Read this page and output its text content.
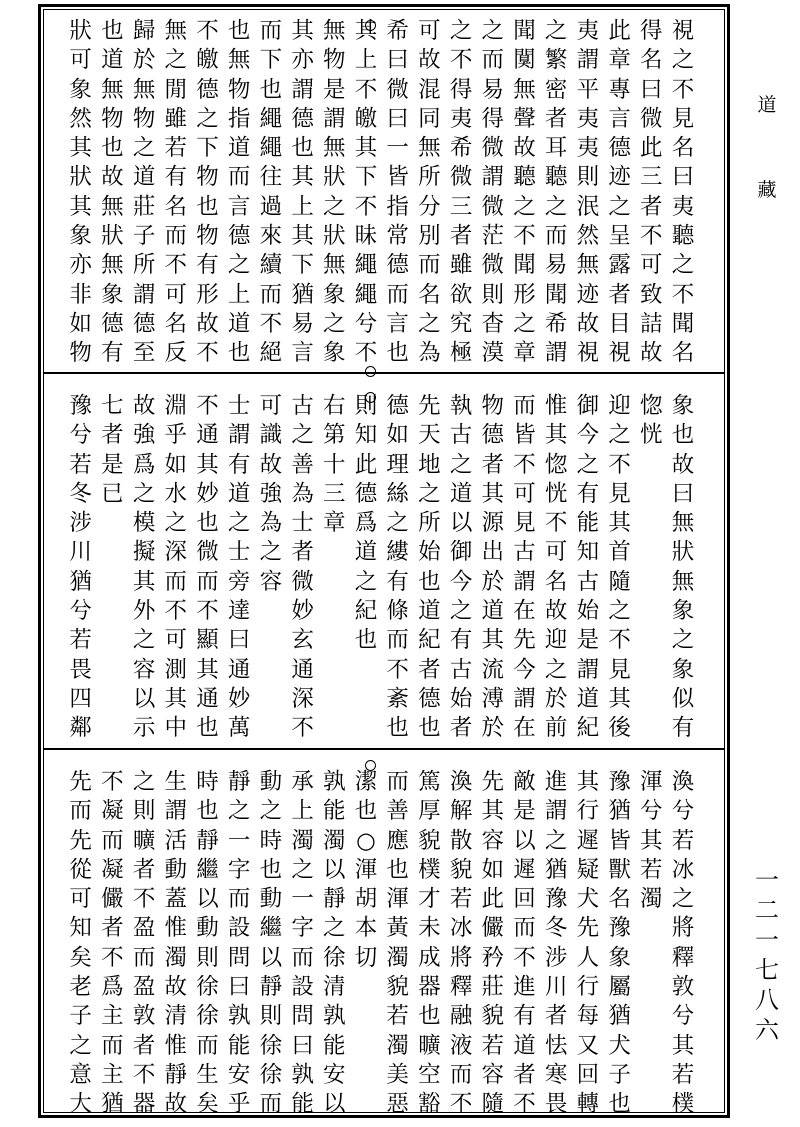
道
藏
一
二
一
七
八
六
視
之
不
見
名
曰
夷
聽
之
不
聞
名
得
名
曰
微
此
三
者
不
可
致
詰
故
此
章
專
言
德
迹
之
呈
露
者
目
視
夷
謂
平
夷
夷
則
泯
然
無
迹
故
視
之
繁
密
者
耳
聽
之
而
易
聞
希
謂
聞
闃
無
聲
故
聽
之
不
聞
形
之
章
之
而
易
得
微
謂
微
茫
微
則
杳
漠
之
不
得
夷
希
微
三
者
雖
欲
究
極
可
故
混
同
無
所
分
別
而
名
之
為
希
曰
微
曰
一
皆
指
常
德
而
言
也
其
上
不
皦
其
下
不
昧
繩
繩
兮
不
無
物
是
謂
無
狀
之
狀
無
象
之
象
其
亦
謂
德
也
其
上
其
下
猶
易
言
而
下
也
繩
繩
往
過
來
續
而
不
絕
也
無
物
指
道
而
言
德
之
上
道
也
不
皦
德
之
下
物
也
物
有
形
故
不
無
之
閒
雖
若
有
名
而
不
可
名
反
歸
於
無
物
之
道
莊
子
所
謂
德
至
也
道
無
物
也
故
無
狀
無
象
德
有
狀
可
象
然
其
狀
其
象
亦
非
如
物
象
也
故
曰
無
狀
無
象
之
象
似
有
惚
恍
迎
之
不
見
其
首
隨
之
不
見
其
後
御
今
之
有
能
知
古
始
是
謂
道
紀
惟
其
惚
恍
不
可
名
故
迎
之
於
前
而
皆
不
可
見
古
謂
在
先
今
謂
在
物
德
者
其
源
出
於
道
其
流
溥
於
執
古
之
道
以
御
今
之
有
古
始
者
先
天
地
之
所
始
也
道
紀
者
德
也
德
如
理
絲
之
縷
有
條
而
不
紊
也
則
知
此
德
爲
道
之
紀
也
右
第
十
三
章
古
之
善
為
士
者
微
妙
玄
通
深
不
可
識
故
強
為
之
容
士
謂
有
道
之
士
旁
達
曰
通
妙
萬
不
通
其
妙
也
微
而
不
顯
其
通
也
淵
乎
如
水
之
深
而
不
可
測
其
中
故
強
爲
之
模
擬
其
外
之
容
以
示
七
者
是
已
豫
兮
若
冬
涉
川
猶
兮
若
畏
四
鄰
渙
兮
若
冰
之
將
釋
敦
兮
其
若
樸
渾
兮
其
若
濁
豫
猶
皆
獸
名
豫
象
屬
猶
犬
子
也
其
行
遲
疑
犬
先
人
行
每
又
回
轉
進
謂
之
猶
豫
冬
涉
川
者
怯
寒
畏
敵
是
以
遲
回
而
不
進
有
道
者
不
先
其
容
如
此
儼
矜
莊
貌
若
容
隨
渙
解
散
貌
若
冰
將
釋
融
液
而
不
篤
厚
貌
樸
才
未
成
器
也
曠
空
豁
而
善
應
也
渾
黃
濁
貌
若
濁
美
惡
潔
也
○
渾
胡
本
切
孰
能
濁
以
靜
之
徐
清
孰
能
安
以
承
上
濁
之
一
字
而
設
問
曰
孰
能
動
之
時
也
動
繼
以
靜
則
徐
徐
而
靜
之
一
字
而
設
問
曰
孰
能
安
乎
時
也
靜
繼
以
動
則
徐
徐
而
生
矣
生
謂
活
動
蓋
惟
濁
故
清
惟
靜
故
之
則
曠
者
不
盈
而
盈
敦
者
不
器
不
凝
而
凝
儼
者
不
爲
主
而
主
猶
先
而
先
從
可
知
矣
老
子
之
意
大
